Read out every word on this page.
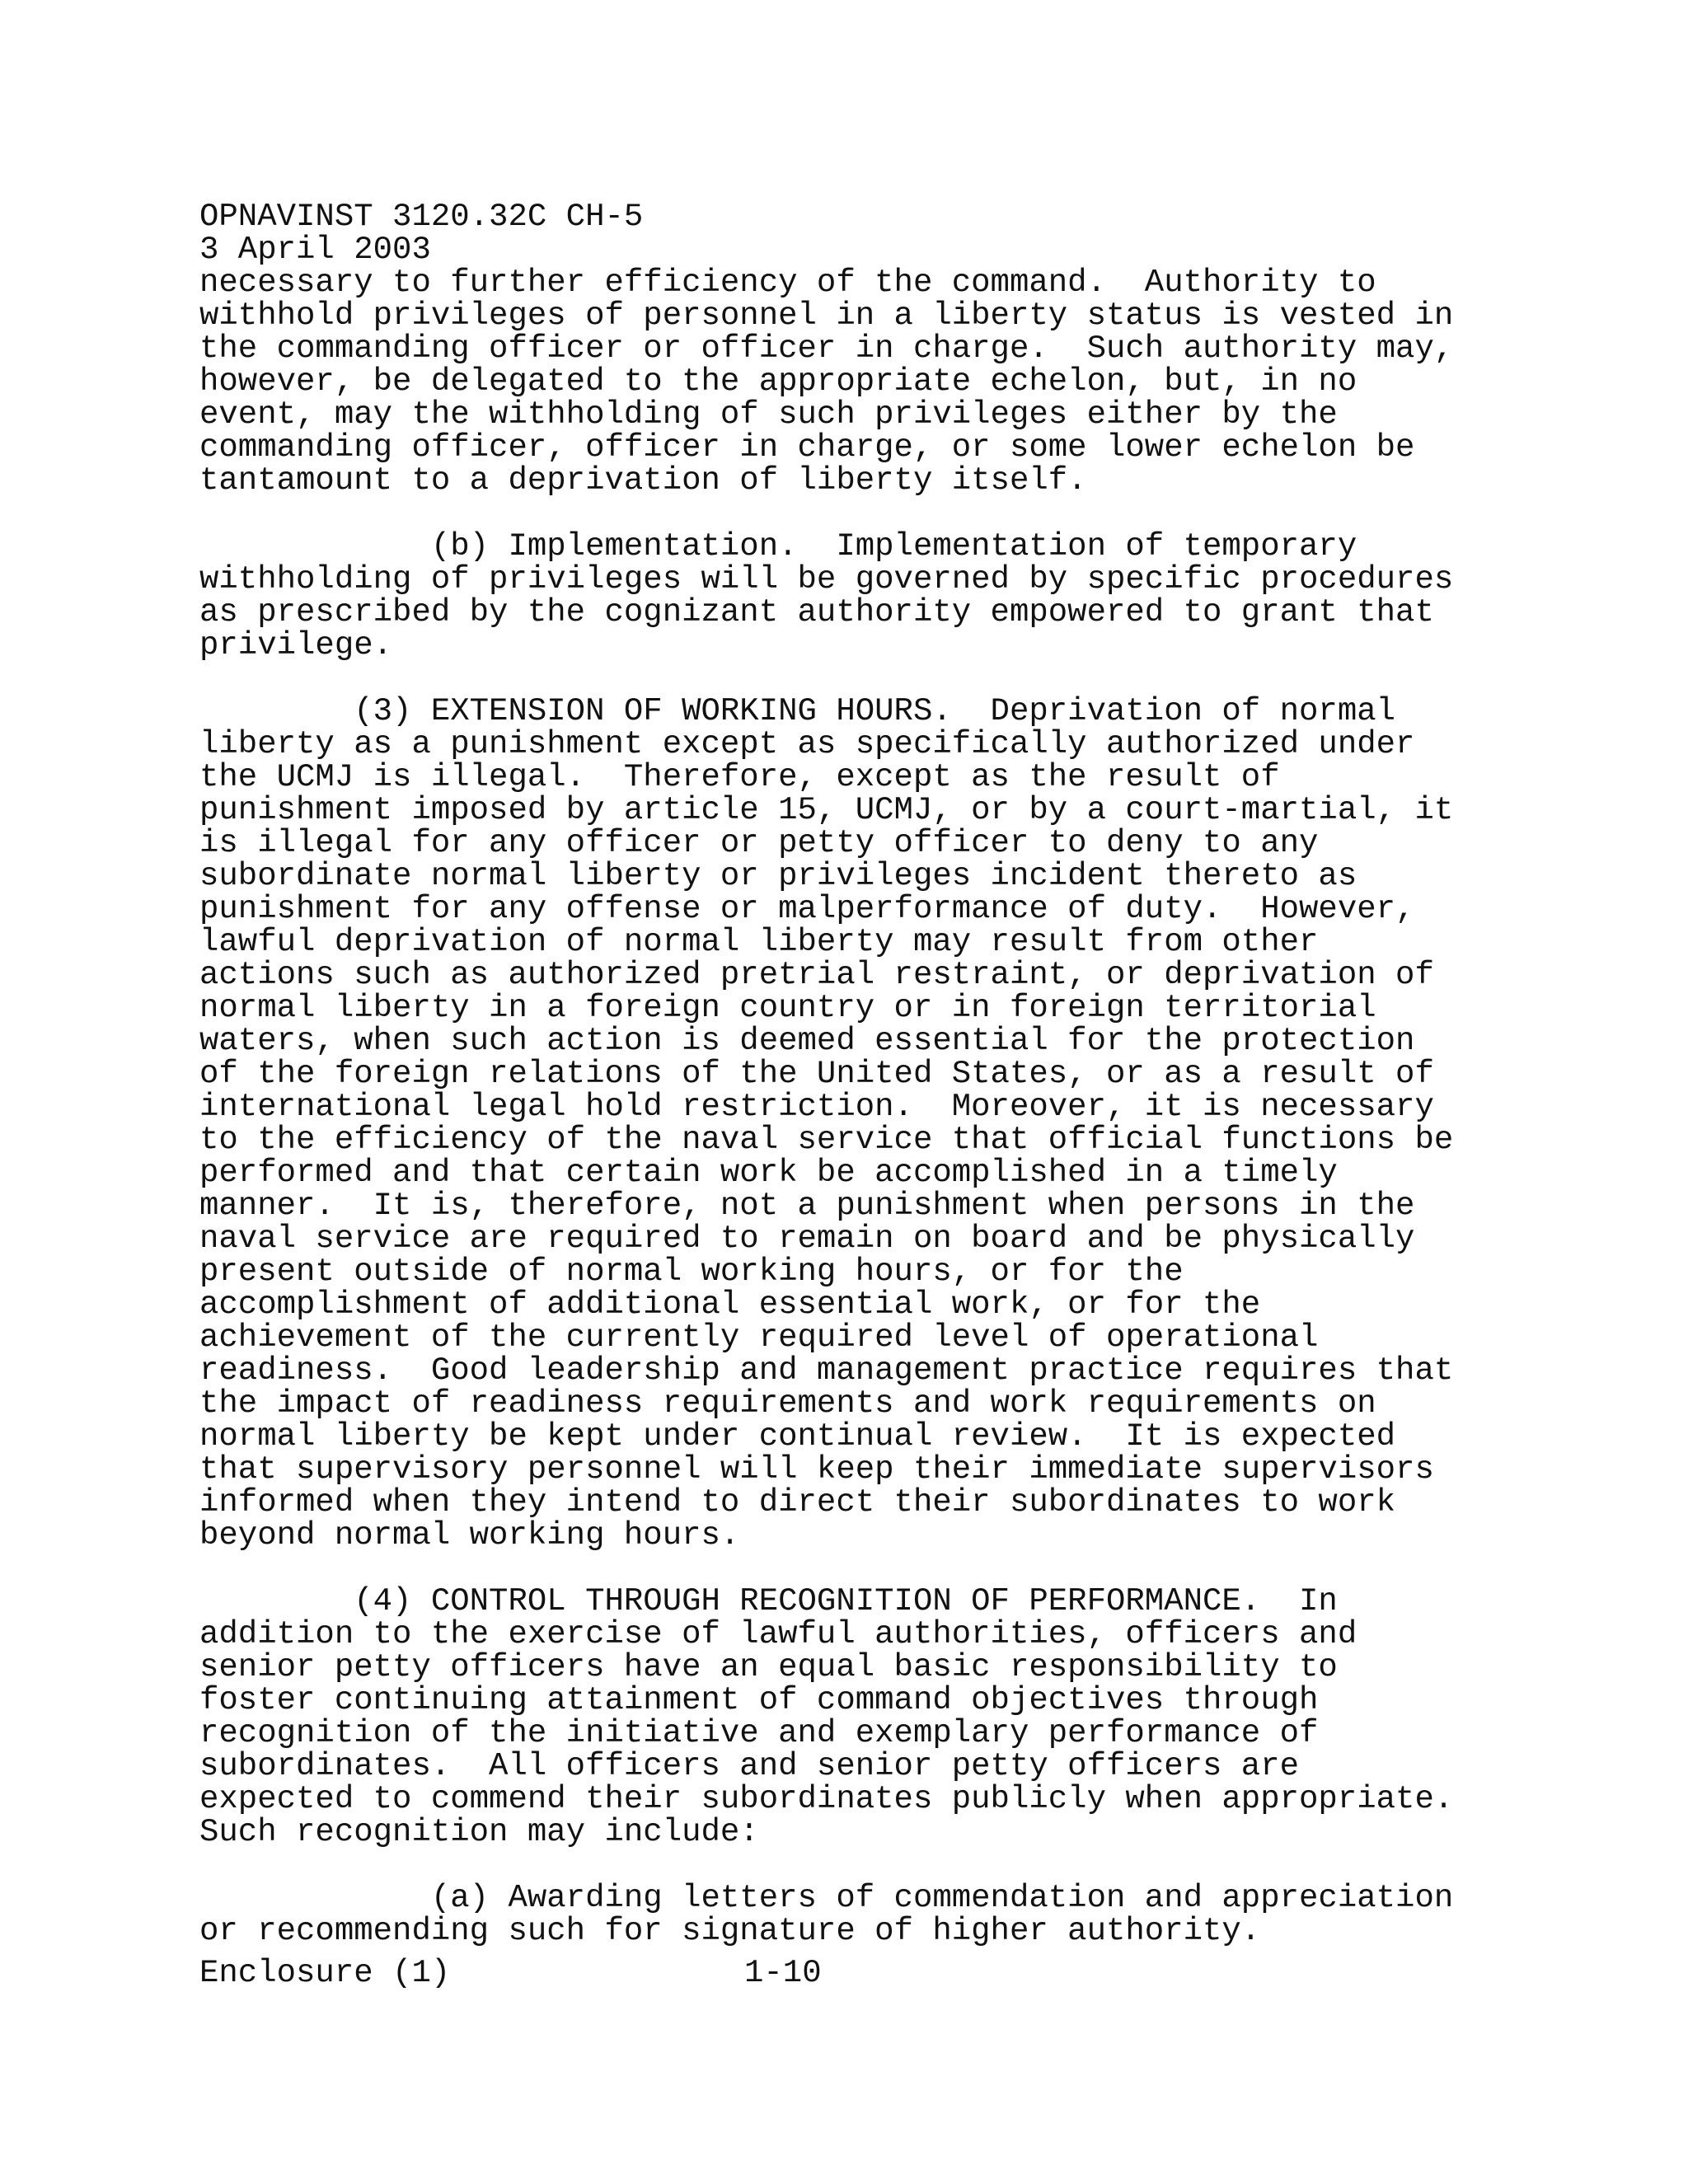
OPNAVINST 3120.32C CH-5
3 April 2003
necessary to further efficiency of the command.  Authority to
withhold privileges of personnel in a liberty status is vested in
the commanding officer or officer in charge.  Such authority may,
however, be delegated to the appropriate echelon, but, in no
event, may the withholding of such privileges either by the
commanding officer, officer in charge, or some lower echelon be
tantamount to a deprivation of liberty itself.
(b) Implementation.  Implementation of temporary
withholding of privileges will be governed by specific procedures
as prescribed by the cognizant authority empowered to grant that
privilege.
(3) EXTENSION OF WORKING HOURS.  Deprivation of normal
liberty as a punishment except as specifically authorized under
the UCMJ is illegal.  Therefore, except as the result of
punishment imposed by article 15, UCMJ, or by a court-martial, it
is illegal for any officer or petty officer to deny to any
subordinate normal liberty or privileges incident thereto as
punishment for any offense or malperformance of duty.  However,
lawful deprivation of normal liberty may result from other
actions such as authorized pretrial restraint, or deprivation of
normal liberty in a foreign country or in foreign territorial
waters, when such action is deemed essential for the protection
of the foreign relations of the United States, or as a result of
international legal hold restriction.  Moreover, it is necessary
to the efficiency of the naval service that official functions be
performed and that certain work be accomplished in a timely
manner.  It is, therefore, not a punishment when persons in the
naval service are required to remain on board and be physically
present outside of normal working hours, or for the
accomplishment of additional essential work, or for the
achievement of the currently required level of operational
readiness.  Good leadership and management practice requires that
the impact of readiness requirements and work requirements on
normal liberty be kept under continual review.  It is expected
that supervisory personnel will keep their immediate supervisors
informed when they intend to direct their subordinates to work
beyond normal working hours.
(4) CONTROL THROUGH RECOGNITION OF PERFORMANCE.  In
addition to the exercise of lawful authorities, officers and
senior petty officers have an equal basic responsibility to
foster continuing attainment of command objectives through
recognition of the initiative and exemplary performance of
subordinates.  All officers and senior petty officers are
expected to commend their subordinates publicly when appropriate.
Such recognition may include:
(a) Awarding letters of commendation and appreciation
or recommending such for signature of higher authority.
Enclosure (1)	1-10
